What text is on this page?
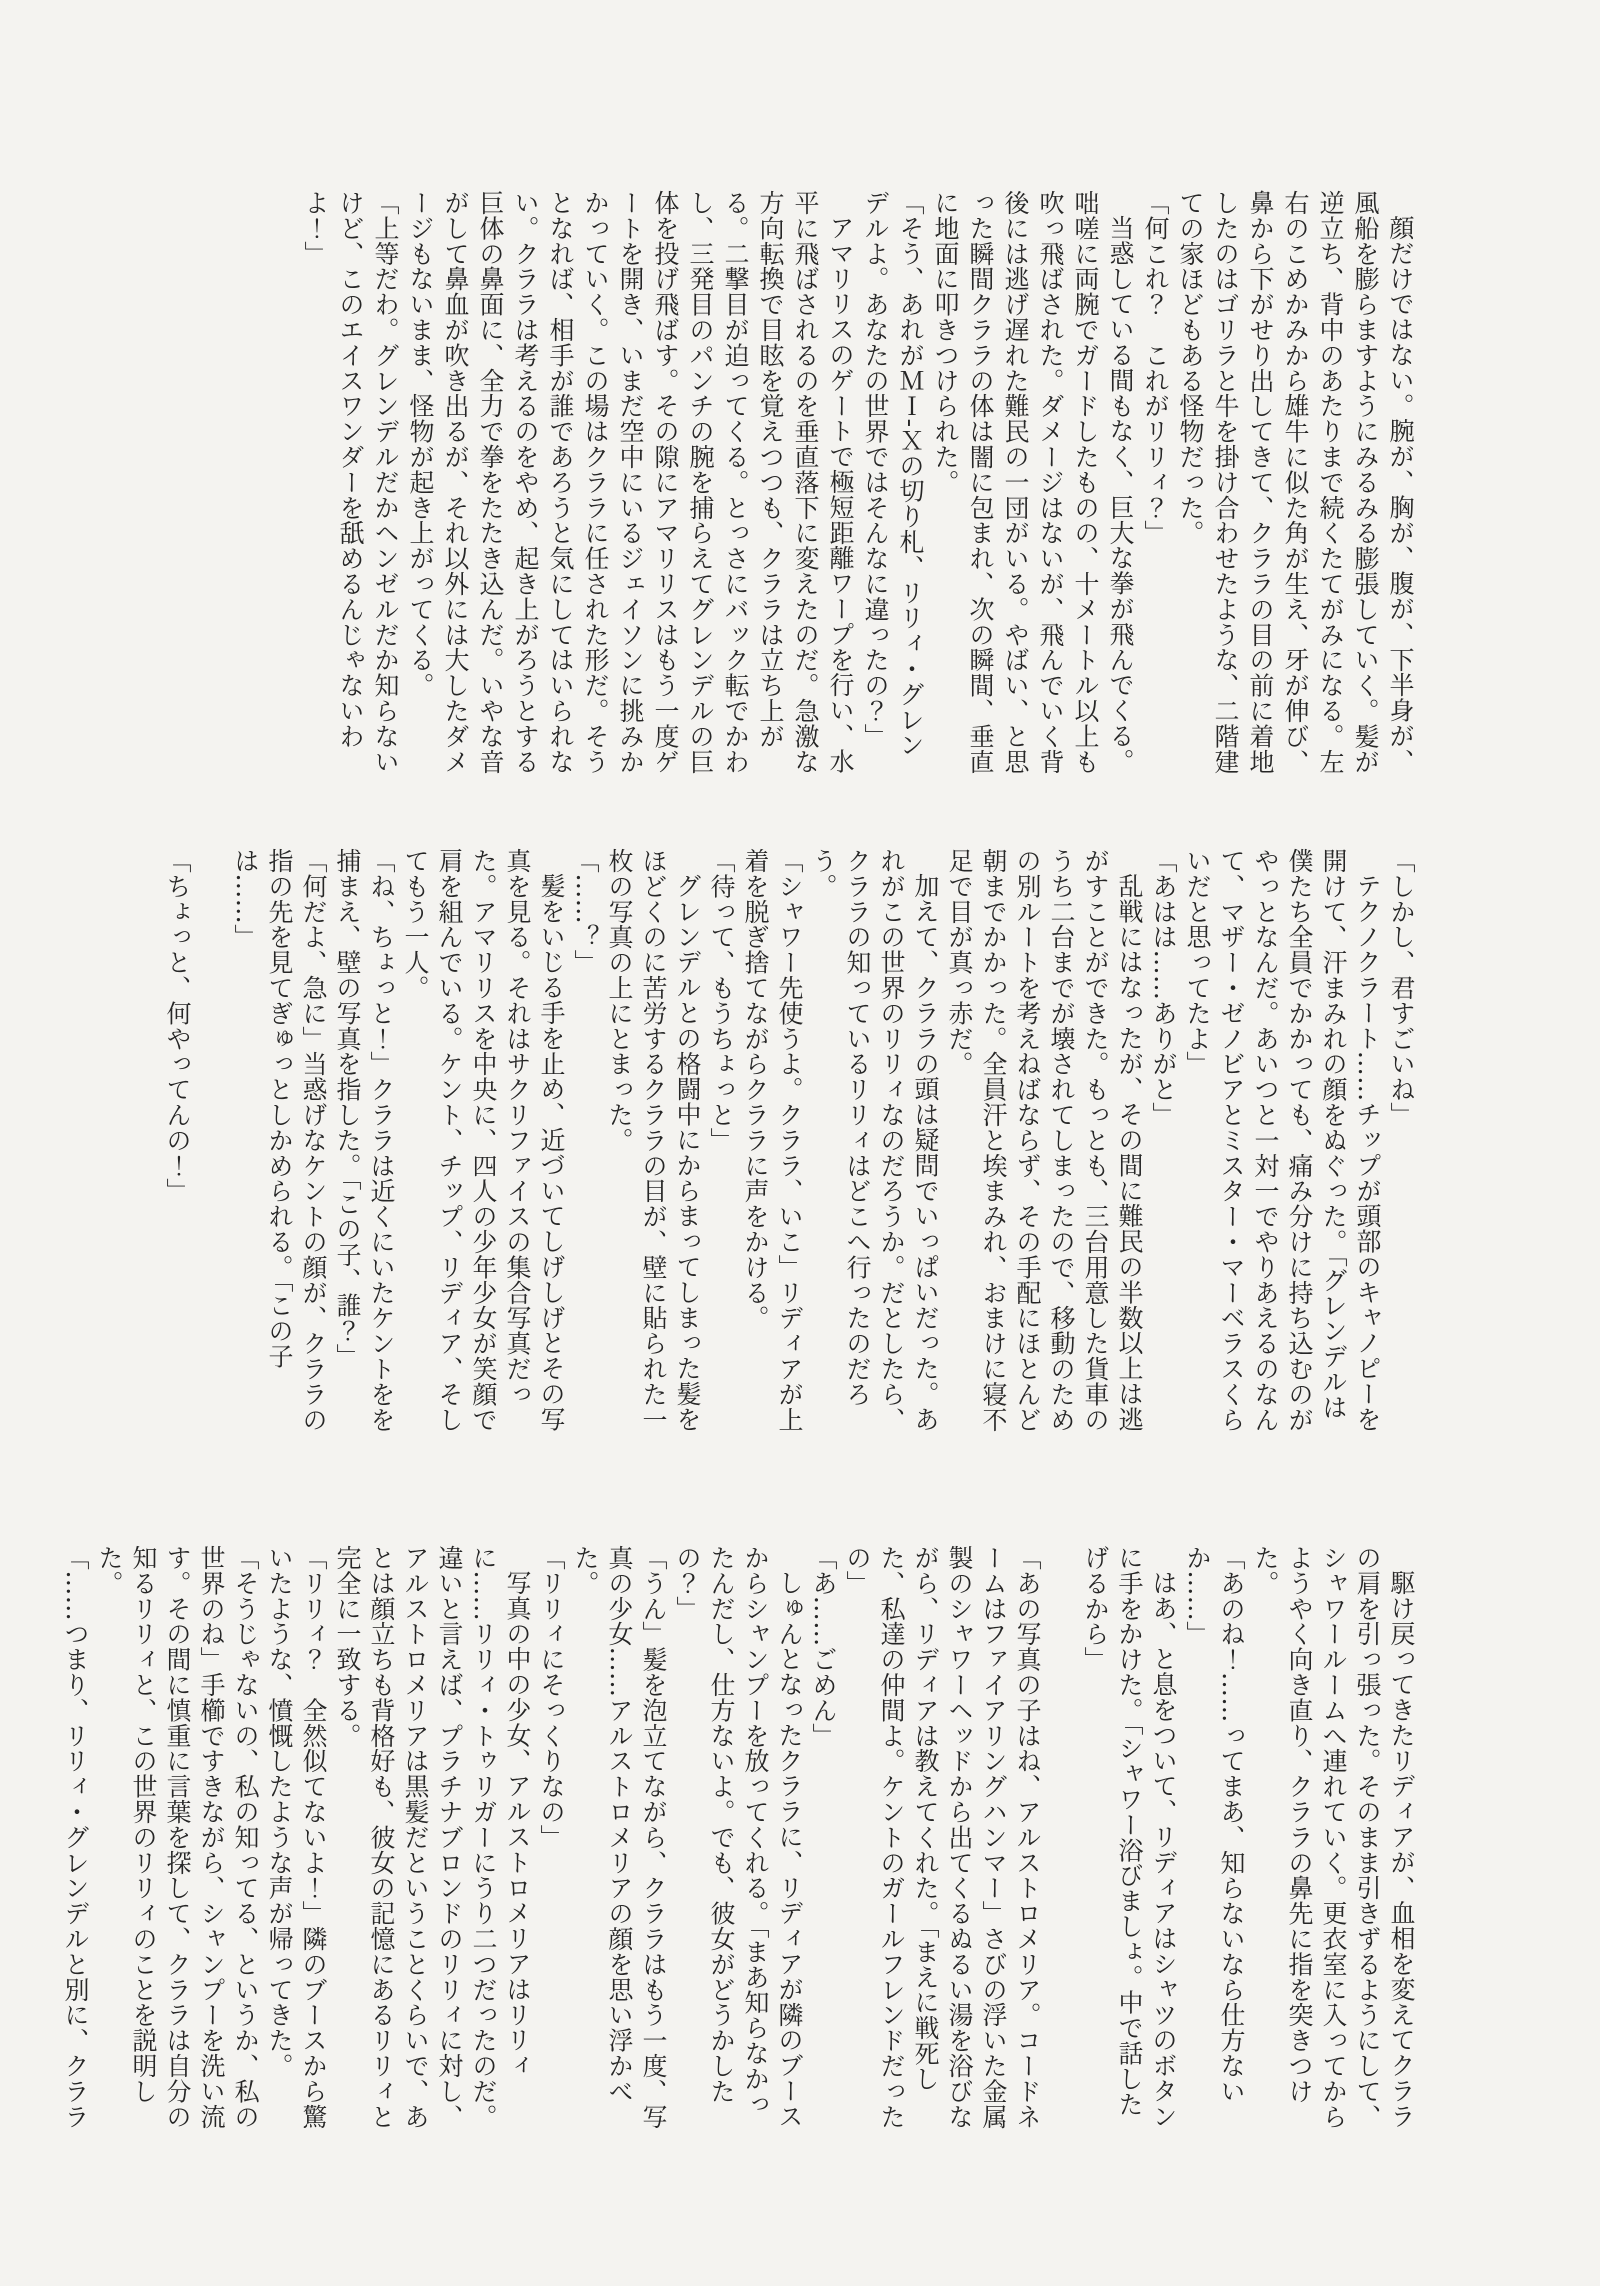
顔だけではない。腕が、胸が、腹が、下半身が、風船を膨らますようにみるみる膨張していく。髪が逆立ち、背中のあたりまで続くたてがみになる。左右のこめかみから雄牛に似た角が生え、牙が伸び、鼻から下がせり出してきて、クララの目の前に着地したのはゴリラと牛を掛け合わせたような、二階建ての家ほどもある怪物だった。

「何これ？　これがリリィ？」

当惑している間もなく、巨大な拳が飛んでくる。咄嗟に両腕でガードしたものの、十メートル以上も吹っ飛ばされた。ダメージはないが、飛んでいく背後には逃げ遅れた難民の一団がいる。やばい、と思った瞬間クララの体は闇に包まれ、次の瞬間、垂直に地面に叩きつけられた。

「そう、あれがＭＩ‐Ｘの切り札、リリィ・グレンデルよ。あなたの世界ではそんなに違ったの？」

アマリリスのゲートで極短距離ワープを行い、水平に飛ばされるのを垂直落下に変えたのだ。急激な方向転換で目眩を覚えつつも、クララは立ち上がる。二撃目が迫ってくる。とっさにバック転でかわし、三発目のパンチの腕を捕らえてグレンデルの巨体を投げ飛ばす。その隙にアマリリスはもう一度ゲートを開き、いまだ空中にいるジェイソンに挑みかかっていく。この場はクララに任された形だ。そうとなれば、相手が誰であろうと気にしてはいられない。クララは考えるのをやめ、起き上がろうとする巨体の鼻面に、全力で拳をたたき込んだ。いやな音がして鼻血が吹き出るが、それ以外には大したダメージもないまま、怪物が起き上がってくる。

「上等だわ。グレンデルだかヘンゼルだか知らないけど、このエイスワンダーを舐めるんじゃないわよ！」

「しかし、君すごいね」

テクノクラート……チップが頭部のキャノピーを開けて、汗まみれの顔をぬぐった。「グレンデルは僕たち全員でかかっても、痛み分けに持ち込むのがやっとなんだ。あいつと一対一でやりあえるのなんて、マザー・ゼノビアとミスター・マーベラスくらいだと思ってたよ」

「あはは……ありがと」

乱戦にはなったが、その間に難民の半数以上は逃がすことができた。もっとも、三台用意した貨車のうち二台までが壊されてしまったので、移動のための別ルートを考えねばならず、その手配にほとんど朝までかかった。全員汗と埃まみれ、おまけに寝不足で目が真っ赤だ。

加えて、クララの頭は疑問でいっぱいだった。あれがこの世界のリリィなのだろうか。だとしたら、クララの知っているリリィはどこへ行ったのだろう。

「シャワー先使うよ。クララ、いこ」リディアが上着を脱ぎ捨てながらクララに声をかける。

「待って、もうちょっと」

グレンデルとの格闘中にからまってしまった髪をほどくのに苦労するクララの目が、壁に貼られた一枚の写真の上にとまった。

「……？」

髪をいじる手を止め、近づいてしげしげとその写真を見る。それはサクリファイスの集合写真だった。アマリリスを中央に、四人の少年少女が笑顔で肩を組んでいる。ケント、チップ、リディア、そしてもう一人。

「ね、ちょっと！」クララは近くにいたケントをを捕まえ、壁の写真を指した。「この子、誰？」

「何だよ、急に」当惑げなケントの顔が、クララの指の先を見てぎゅっとしかめられる。「この子は……」

「ちょっと、何やってんの！」

駆け戻ってきたリディアが、血相を変えてクララの肩を引っ張った。そのまま引きずるようにして、シャワールームへ連れていく。更衣室に入ってからようやく向き直り、クララの鼻先に指を突きつけた。

「あのね！……ってまあ、知らないなら仕方ないか……」

はあ、と息をついて、リディアはシャツのボタンに手をかけた。「シャワー浴びましょ。中で話したげるから」

「あの写真の子はね、アルストロメリア。コードネームはファイアリングハンマー」さびの浮いた金属製のシャワーヘッドから出てくるぬるい湯を浴びながら、リディアは教えてくれた。「まえに戦死した、私達の仲間よ。ケントのガールフレンドだったの」

「あ……ごめん」

しゅんとなったクララに、リディアが隣のブースからシャンプーを放ってくれる。「まあ知らなかったんだし、仕方ないよ。でも、彼女がどうかしたの？」

「うん」髪を泡立てながら、クララはもう一度、写真の少女……アルストロメリアの顔を思い浮かべた。

「リリィにそっくりなの」

写真の中の少女、アルストロメリアはリリィに……リリィ・トゥリガーにうり二つだったのだ。違いと言えば、プラチナブロンドのリリィに対し、アルストロメリアは黒髪だということくらいで、あとは顔立ちも背格好も、彼女の記憶にあるリリィと完全に一致する。

「リリィ？　全然似てないよ！」隣のブースから驚いたような、憤慨したような声が帰ってきた。

「そうじゃないの、私の知ってる、というか、私の世界のね」手櫛ですきながら、シャンプーを洗い流す。その間に慎重に言葉を探して、クララは自分の知るリリィと、この世界のリリィのことを説明した。

「……つまり、リリィ・グレンデルと別に、クララ
